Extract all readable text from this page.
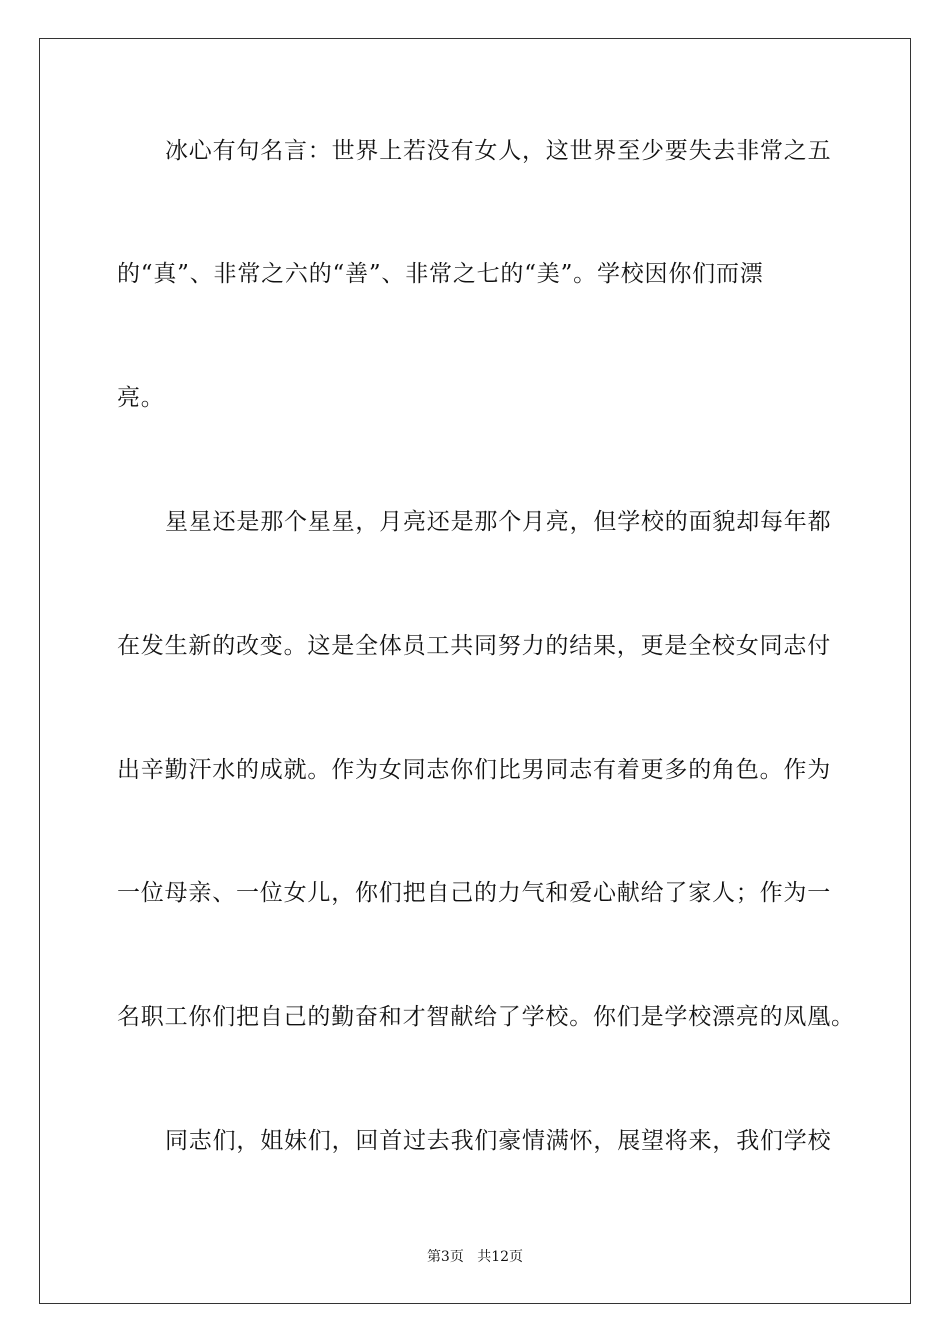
冰心有句名言：世界上若没有女人，这世界至少要失去非常之五
的“真”、非常之六的“善”、非常之七的“美”。学校因你们而漂
亮。
星星还是那个星星，月亮还是那个月亮，但学校的面貌却每年都
在发生新的改变。这是全体员工共同努力的结果，更是全校女同志付
出辛勤汗水的成就。作为女同志你们比男同志有着更多的角色。作为
一位母亲、一位女儿，你们把自己的力气和爱心献给了家人；作为一
名职工你们把自己的勤奋和才智献给了学校。你们是学校漂亮的凤凰。
同志们，姐妹们，回首过去我们豪情满怀，展望将来，我们学校
第3页 共12页
